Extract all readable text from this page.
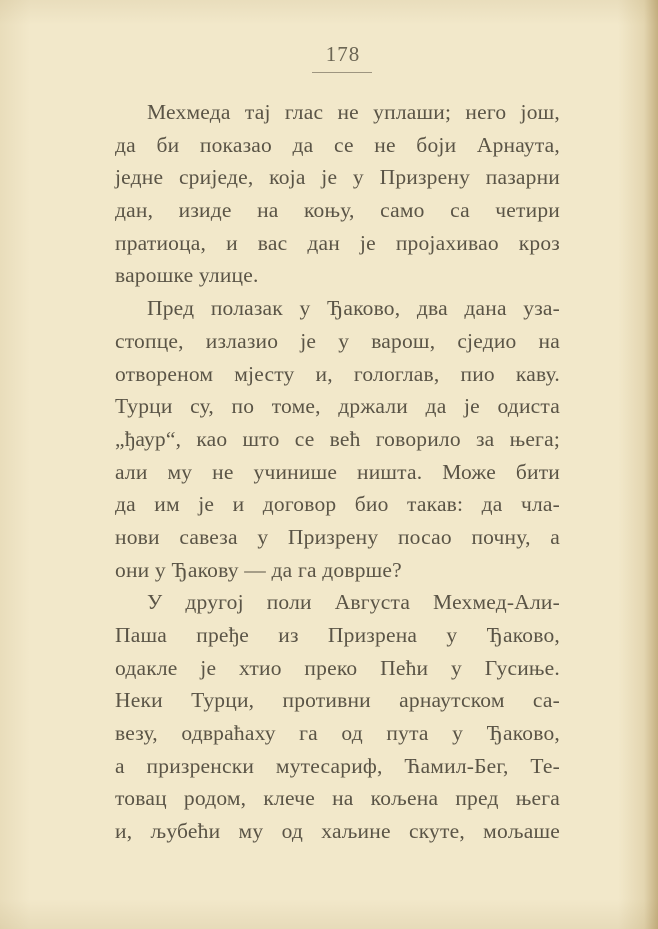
178
Мехмеда тај глас не уплаши; него још,
да би показао да се не боји Арнаута,
једне сриједе, која је у Призрену пазарни
дан, изиде на коњу, само са четири
пратиоца, и вас дан је пројахивао кроз
варошке улице.
Пред полазак у Ђаково, два дана уза-
стопце, излазио је у варош, сједио на
отвореном мјесту и, гологлав, пио каву.
Турци су, по томе, држали да је одиста
„ђаур“, као што се већ говорило за њега;
али му не учинише ништа. Може бити
да им је и договор био такав: да чла-
нови савеза у Призрену посао почну, а
они у Ђакову — да га доврше?
У другој поли Августа Мехмед-Али-
Паша пређе из Призрена у Ђаково,
одакле је хтио преко Пећи у Гусиње.
Неки Турци, противни арнаутском са-
везу, одвраћаху га од пута у Ђаково,
а призренски мутесариф, Ћамил-Бег, Те-
товац родом, клече на кољена пред њега
и, љубећи му од хаљине скуте, мољаше
